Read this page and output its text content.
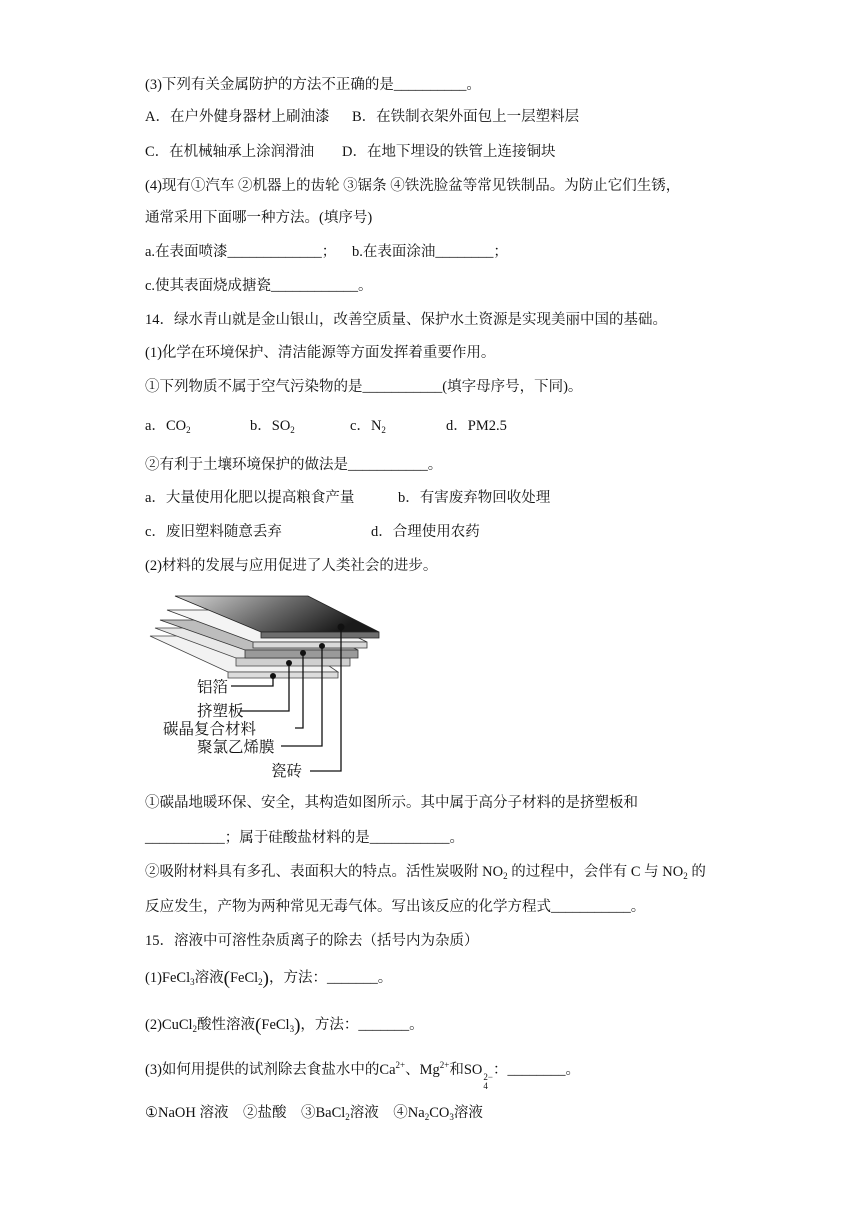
(3)下列有关金属防护的方法不正确的是__________。
A．在户外健身器材上刷油漆 B．在铁制衣架外面包上一层塑料层
C．在机械轴承上涂润滑油 D．在地下埋设的铁管上连接铜块
(4)现有①汽车 ②机器上的齿轮 ③锯条 ④铁洗脸盆等常见铁制品。为防止它们生锈，
通常采用下面哪一种方法。(填序号)
a.在表面喷漆_____________； b.在表面涂油________；
c.使其表面烧成搪瓷____________。
14．绿水青山就是金山银山，改善空质量、保护水土资源是实现美丽中国的基础。
(1)化学在环境保护、清洁能源等方面发挥着重要作用。
①下列物质不属于空气污染物的是___________(填字母序号，下同)。
a．$CO_2$	b．$SO_2$	c．$N_2$	d．PM2.5
②有利于土壤环境保护的做法是___________。
a．大量使用化肥以提高粮食产量	b．有害废弃物回收处理
c．废旧塑料随意丢弃	d．合理使用农药
(2)材料的发展与应用促进了人类社会的进步。
铝箔
挤塑板
碳晶复合材料
聚氯乙烯膜
瓷砖
①碳晶地暖环保、安全，其构造如图所示。其中属于高分子材料的是挤塑板和
___________；属于硅酸盐材料的是___________。
②吸附材料具有多孔、表面积大的特点。活性炭吸附 $NO_2$ 的过程中，会伴有 C 与 $NO_2$ 的
反应发生，产物为两种常见无毒气体。写出该反应的化学方程式___________。
15．溶液中可溶性杂质离子的除去（括号内为杂质）
(1)FeCl$_3$溶液(FeCl$_2$)，方法：_______。
(2)CuCl$_2$酸性溶液(FeCl$_3$)，方法：_______。
(3)如何用提供的试剂除去食盐水中的$Ca^{2+}$、$Mg^{2+}$和SO 2−
4
：________。
①NaOH 溶液 ②盐酸 ③BaCl$_2$溶液 $④Na_2CO_3$溶液
